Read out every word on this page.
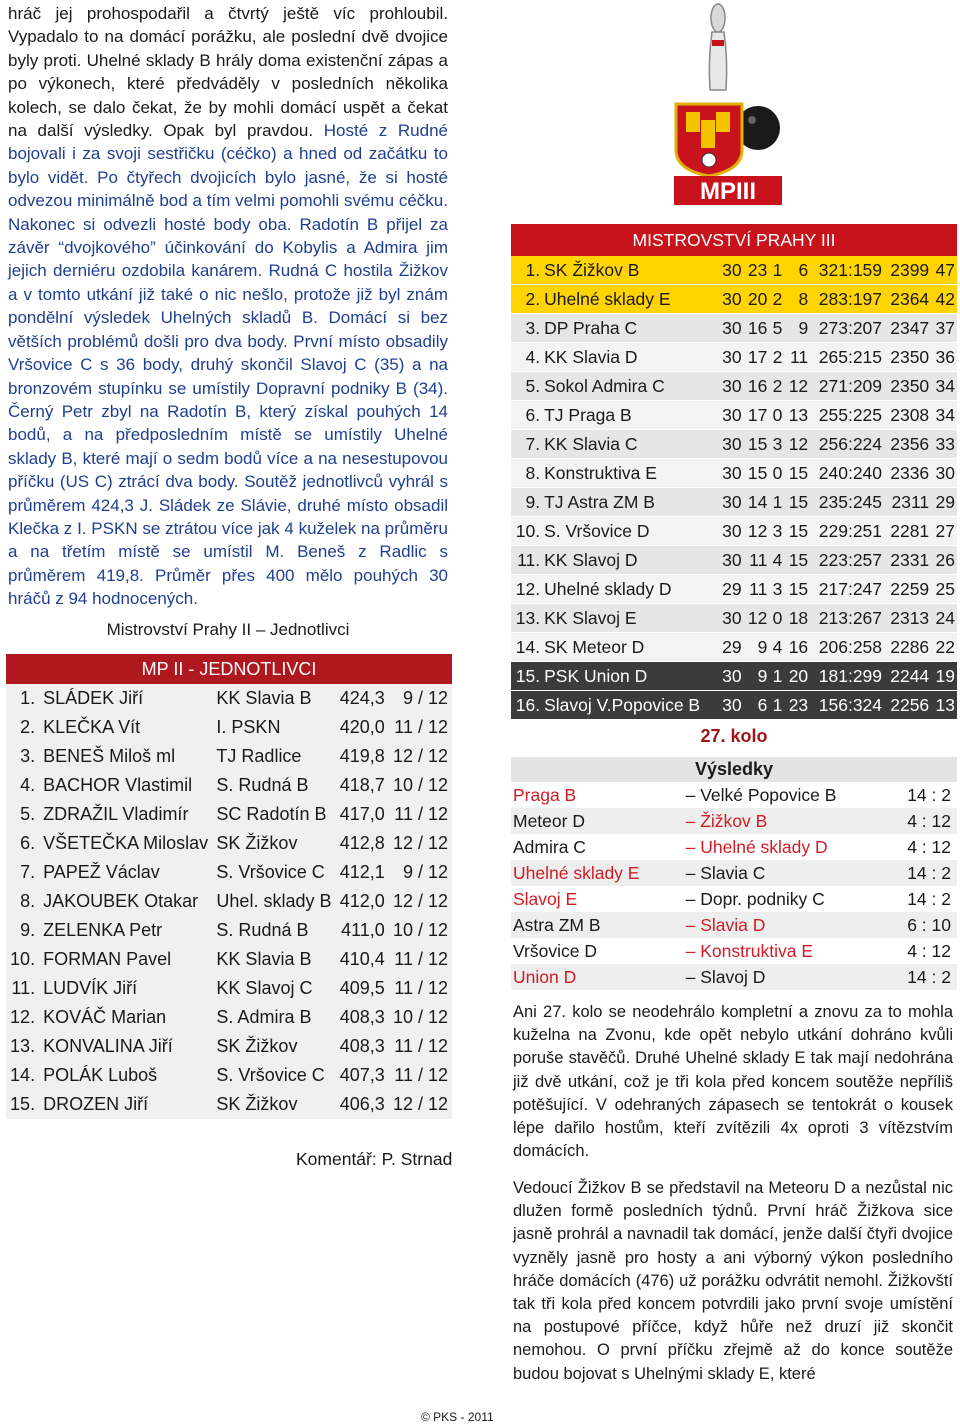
hráč jej prohospodařil a čtvrtý ještě víc prohloubil. Vypadalo to na domácí porážku, ale poslední dvě dvojice byly proti. Uhelné sklady B hrály doma existenční zápas a po výkonech, které předváděly v posledních několika kolech, se dalo čekat, že by mohli domácí uspět a čekat na další výsledky. Opak byl pravdou. Hosté z Rudné bojovali i za svoji sestřičku (céčko) a hned od začátku to bylo vidět. Po čtyřech dvojicích bylo jasné, že si hosté odvezou minimálně bod a tím velmi pomohli svému céčku. Nakonec si odvezli hosté body oba. Radotín B přijel za závěr “dvojkového” účinkování do Kobylis a Admira jim jejich derniéru ozdobila kanárem. Rudná C hostila Žižkov a v tomto utkání již také o nic nešlo, protože již byl znám pondělní výsledek Uhelných skladů B. Domácí si bez větších problémů došli pro dva body. První místo obsadily Vršovice C s 36 body, druhý skončil Slavoj C (35) a na bronzovém stupínku se umístily Dopravní podniky B (34). Černý Petr zbyl na Radotín B, který získal pouhých 14 bodů, a na předposledním místě se umístily Uhelné sklady B, které mají o sedm bodů více a na nesestupovou příčku (US C) ztrácí dva body. Soutěž jednotlivců vyhrál s průměrem 424,3 J. Sládek ze Slávie, druhé místo obsadil Klečka z I. PSKN se ztrátou více jak 4 kuželek na průměru a na třetím místě se umístil M. Beneš z Radlic s průměrem 419,8. Průměr přes 400 mělo pouhých 30 hráčů z 94 hodnocených.

Mistrovství Prahy II – Jednotlivci
MP II - JEDNOTLIVCI				
1.	SLÁDEK Jiří	KK Slavia B	424,3	9 / 12
2.	KLEČKA Vít	I. PSKN	420,0	11 / 12
3.	BENEŠ Miloš ml	TJ Radlice	419,8	12 / 12
4.	BACHOR Vlastimil	S. Rudná B	418,7	10 / 12
5.	ZDRAŽIL Vladimír	SC Radotín B	417,0	11 / 12
6.	VŠETEČKA Miloslav	SK Žižkov	412,8	12 / 12
7.	PAPEŽ Václav	S. Vršovice C	412,1	9 / 12
8.	JAKOUBEK Otakar	Uhel. sklady B	412,0	12 / 12
9.	ZELENKA Petr	S. Rudná B	411,0	10 / 12
10.	FORMAN Pavel	KK Slavia B	410,4	11 / 12
11.	LUDVÍK Jiří	KK Slavoj C	409,5	11 / 12
12.	KOVÁČ Marian	S. Admira B	408,3	10 / 12
13.	KONVALINA Jiří	SK Žižkov	408,3	11 / 12
14.	POLÁK Luboš	S. Vršovice C	407,3	11 / 12
15.	DROZEN Jiří	SK Žižkov	406,3	12 / 12
MPIII
MISTROVSTVÍ PRAHY III								
1.	SK Žižkov B	30	23	1	6	321:159	2399	47
2.	Uhelné sklady E	30	20	2	8	283:197	2364	42
3.	DP Praha C	30	16	5	9	273:207	2347	37
4.	KK Slavia D	30	17	2	11	265:215	2350	36
5.	Sokol Admira C	30	16	2	12	271:209	2350	34
6.	TJ Praga B	30	17	0	13	255:225	2308	34
7.	KK Slavia C	30	15	3	12	256:224	2356	33
8.	Konstruktiva E	30	15	0	15	240:240	2336	30
9.	TJ Astra ZM B	30	14	1	15	235:245	2311	29
10.	S. Vršovice D	30	12	3	15	229:251	2281	27
11.	KK Slavoj D	30	11	4	15	223:257	2331	26
12.	Uhelné sklady D	29	11	3	15	217:247	2259	25
13.	KK Slavoj E	30	12	0	18	213:267	2313	24
14.	SK Meteor D	29	9	4	16	206:258	2286	22
15.	PSK Union D	30	9	1	20	181:299	2244	19
16.	Slavoj V.Popovice B	30	6	1	23	156:324	2256	13
27. kolo
Výsledky
Praga B	– Velké Popovice B	14 : 2
Meteor D	– Žižkov B	4 : 12
Admira C	– Uhelné sklady D	4 : 12
Uhelné sklady E	– Slavia C	14 : 2
Slavoj E	– Dopr. podniky C	14 : 2
Astra ZM B	– Slavia D	6 : 10
Vršovice D	– Konstruktiva E	4 : 12
Union D	– Slavoj D	14 : 2

Ani 27. kolo se neodehrálo kompletní a znovu za to mohla kuželna na Zvonu, kde opět nebylo utkání dohráno kvůli poruše stavěčů. Druhé Uhelné sklady E tak mají nedohrána již dvě utkání, což je tři kola před koncem soutěže nepříliš potěšující. V odehraných zápasech se tentokrát o kousek lépe dařilo hostům, kteří zvítězili 4x oproti 3 vítězstvím domácích.

Vedoucí Žižkov B se představil na Meteoru D a nezůstal nic dlužen formě posledních týdnů. První hráč Žižkova sice jasně prohrál a navnadil tak domácí, jenže další čtyři dvojice vyzněly jasně pro hosty a ani výborný výkon posledního hráče domácích (476) už porážku odvrátit nemohl. Žižkovští tak tři kola před koncem potvrdili jako první svoje umístění na postupové příčce, když hůře než druzí již skončit nemohou. O první příčku zřejmě až do konce soutěže budou bojovat s Uhelnými sklady E, které

Komentář: P. Strnad
© PKS - 2011
